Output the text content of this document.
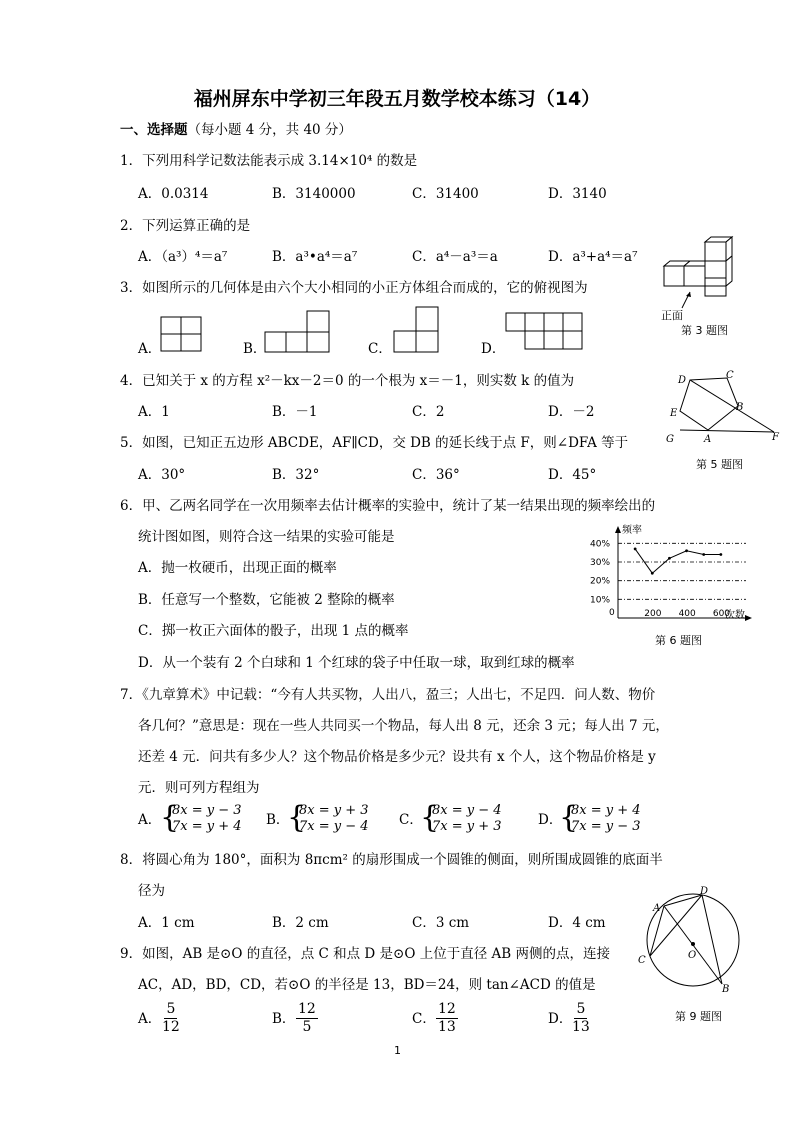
福州屏东中学初三年段五月数学校本练习（14）
一、选择题（每小题 4 分，共 40 分）
1．下列用科学记数法能表示成 3.14×10⁴ 的数是
A．0.0314	B．3140000	C．31400	D．3140
2．下列运算正确的是
A．（a³）⁴＝a⁷	B．a³•a⁴＝a⁷	C．a⁴－a³＝a	D．a³+a⁴＝a⁷
3．如图所示的几何体是由六个大小相同的小正方体组合而成的，它的俯视图为
A．	B．	C．	D．
正面
第 3 题图
4．已知关于 x 的方程 x²－kx－2＝0 的一个根为 x＝－1，则实数 k 的值为
A．1	B．－1	C．2	D．－2
5．如图，已知正五边形 ABCDE，AF∥CD，交 DB 的延长线于点 F，则∠DFA 等于
A．30°	B．32°	C．36°	D．45°
D	C
E
B
G	A	F
第 5 题图
6．甲、乙两名同学在一次用频率去估计概率的实验中，统计了某一结果出现的频率绘出的
统计图如图，则符合这一结果的实验可能是
A．抛一枚硬币，出现正面的概率
B．任意写一个整数，它能被 2 整除的概率
C．掷一枚正六面体的骰子，出现 1 点的概率
D．从一个装有 2 个白球和 1 个红球的袋子中任取一球，取到红球的概率
频率
次数
0
10%
20%
30%
40%
200 400 600
第 6 题图
7．《九章算术》中记载：“今有人共买物，人出八，盈三；人出七，不足四．问人数、物价
各几何？”意思是：现在一些人共同买一个物品，每人出 8 元，还余 3 元；每人出 7 元，
还差 4 元．问共有多少人？这个物品价格是多少元？设共有 x 个人，这个物品价格是 y
元．则可列方程组为
A．
{
8x = y − 3
7x = y + 4 B．
{
8x = y + 3
7x = y − 4 C．
{
8x = y − 4
7x = y + 3	D．
{
8x = y + 4
7x = y − 3
8．将圆心角为 180°，面积为 8πcm² 的扇形围成一个圆锥的侧面，则所围成圆锥的底面半
径为
A．1 cm	B．2 cm	C．3 cm	D．4 cm
9．如图，AB 是⊙O 的直径，点 C 和点 D 是⊙O 上位于直径 AB 两侧的点，连接
AC，AD，BD，CD，若⊙O 的半径是 13，BD＝24，则 tan∠ACD 的值是
A．
$\frac{5}{12}$	B． $\frac{12}{5}$	C． $\frac{12}{13}$	D．
$\frac{5}{13}$
D
A
O
C
B
第 9 题图
1
